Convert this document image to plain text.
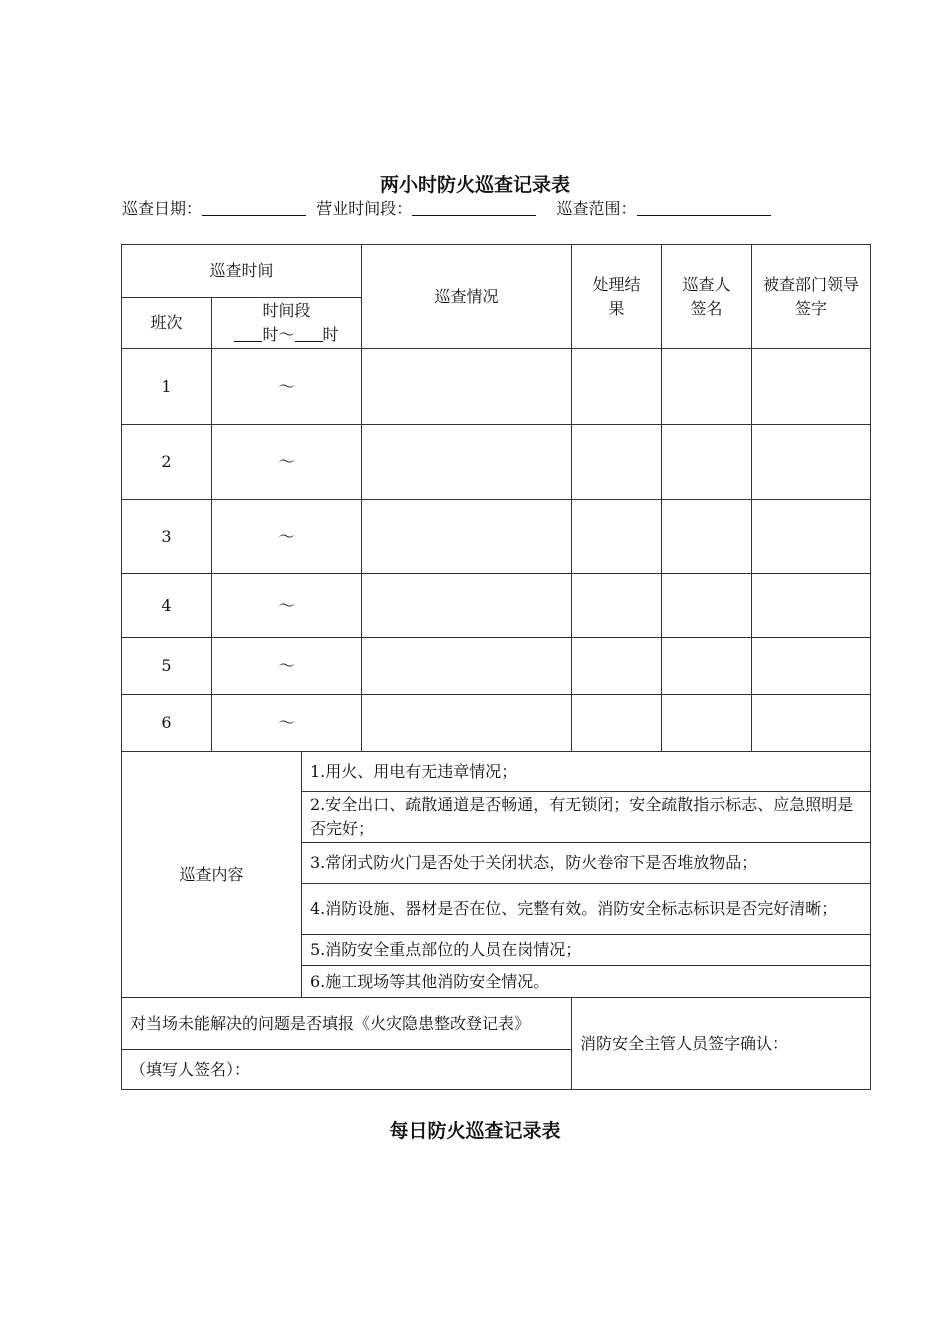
两小时防火巡查记录表
巡查日期：	营业时间段：	巡查范围：
巡查时间			巡查情况	处理结果	巡查人签名	被查部门领导签字

班次	时间段
时～ 时					

1	～					
2	～					
3	～					
4	～					
5	～					
6	～					
巡查内容		1.用火、用电有无违章情况；				
		2.安全出口、疏散通道是否畅通，有无锁闭；安全疏散指示标志、应急照明是否完好；				
		3.常闭式防火门是否处于关闭状态，防火卷帘下是否堆放物品；				
		4.消防设施、器材是否在位、完整有效。消防安全标志标识是否完好清晰；				
		5.消防安全重点部位的人员在岗情况；				
		6.施工现场等其他消防安全情况。				
对当场未能解决的问题是否填报《火灾隐患整改登记表》				消防安全主管人员签字确认：		
（填写人签名）：						
每日防火巡查记录表
